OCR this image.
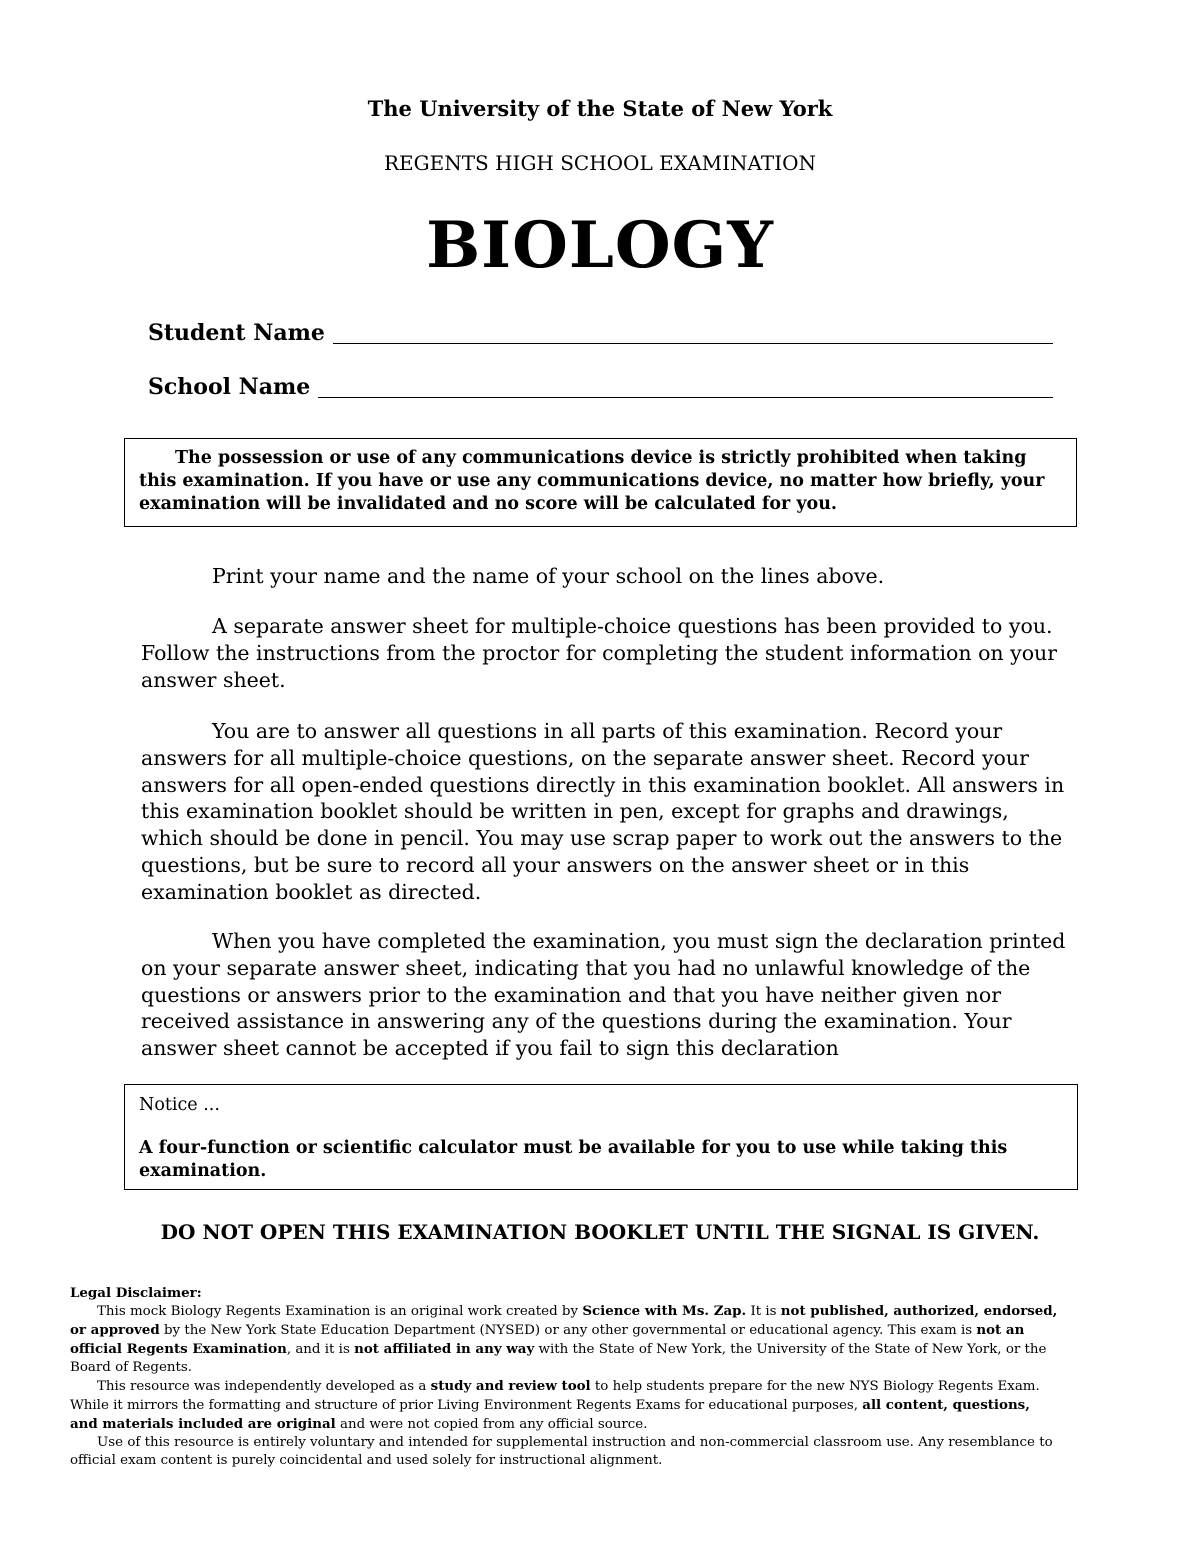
The University of the State of New York
REGENTS HIGH SCHOOL EXAMINATION
BIOLOGY
Student Name
School Name
The possession or use of any communications device is strictly prohibited when taking this examination. If you have or use any communications device, no matter how briefly, your examination will be invalidated and no score will be calculated for you.

Print your name and the name of your school on the lines above.

A separate answer sheet for multiple-choice questions has been provided to you. Follow the instructions from the proctor for completing the student information on your answer sheet.

You are to answer all questions in all parts of this examination. Record your answers for all multiple-choice questions, on the separate answer sheet. Record your answers for all open-ended questions directly in this examination booklet. All answers in this examination booklet should be written in pen, except for graphs and drawings, which should be done in pencil. You may use scrap paper to work out the answers to the questions, but be sure to record all your answers on the answer sheet or in this examination booklet as directed.

When you have completed the examination, you must sign the declaration printed on your separate answer sheet, indicating that you had no unlawful knowledge of the questions or answers prior to the examination and that you have neither given nor received assistance in answering any of the questions during the examination. Your answer sheet cannot be accepted if you fail to sign this declaration

Notice ...
A four-function or scientific calculator must be available for you to use while taking this examination.
DO NOT OPEN THIS EXAMINATION BOOKLET UNTIL THE SIGNAL IS GIVEN.
Legal Disclaimer:

This mock Biology Regents Examination is an original work created by Science with Ms. Zap. It is not published, authorized, endorsed, or approved by the New York State Education Department (NYSED) or any other governmental or educational agency. This exam is not an official Regents Examination, and it is not affiliated in any way with the State of New York, the University of the State of New York, or the Board of Regents.

This resource was independently developed as a study and review tool to help students prepare for the new NYS Biology Regents Exam. While it mirrors the formatting and structure of prior Living Environment Regents Exams for educational purposes, all content, questions, and materials included are original and were not copied from any official source.

Use of this resource is entirely voluntary and intended for supplemental instruction and non-commercial classroom use. Any resemblance to official exam content is purely coincidental and used solely for instructional alignment.
